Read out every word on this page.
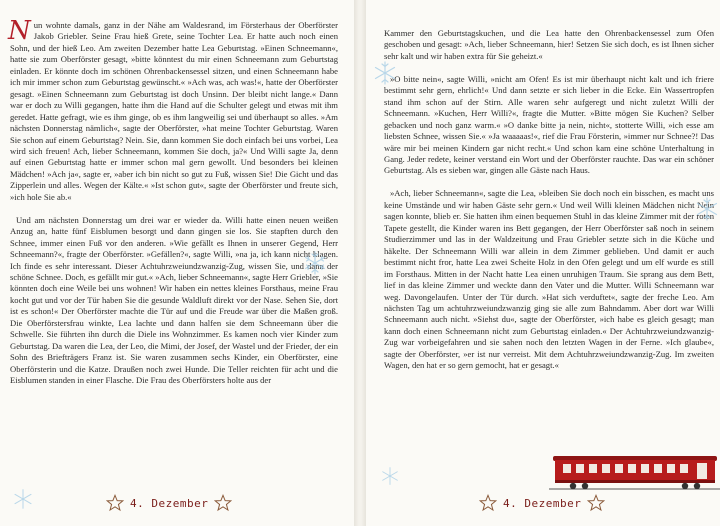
Nun wohnte damals, ganz in der Nähe am Waldesrand, im Försterhaus der Oberförster Jakob Griebler. Seine Frau hieß Grete, seine Tochter Lea. Er hatte auch noch einen Sohn, und der hieß Leo. Am zweiten Dezember hatte Lea Geburtstag. »Einen Schneemann«, hatte sie zum Oberförster gesagt, »bitte könntest du mir einen Schneemann zum Geburtstag einladen. Er könnte doch im schönen Ohrenbackensessel sitzen, und einen Schneemann habe ich mir immer schon zum Geburtstag gewünscht.« »Ach was, ach was!«, hatte der Oberförster gesagt. »Einen Schneemann zum Geburtstag ist doch Unsinn. Der bleibt nicht lange.« Dann war er doch zu Willi gegangen, hatte ihm die Hand auf die Schulter gelegt und etwas mit ihm geredet. Hatte gefragt, wie es ihm ginge, ob es ihm langweilig sei und überhaupt so alles. »Am nächsten Donnerstag nämlich«, sagte der Oberförster, »hat meine Tochter Geburtstag. Waren Sie schon auf einem Geburtstag? Nein. Sie, dann kommen Sie doch einfach bei uns vorbei, Lea wird sich freuen! Ach, lieber Schneemann, kommen Sie doch, ja?« Und Willi sagte Ja, denn auf einen Geburtstag hatte er immer schon mal gern gewollt. Und besonders bei kleinen Mädchen! »Ach ja«, sagte er, »aber ich bin nicht so gut zu Fuß, wissen Sie! Die Gicht und das Zipperlein und alles. Wegen der Kälte.« »Ist schon gut«, sagte der Oberförster und freute sich, »ich hole Sie ab.«

Und am nächsten Donnerstag um drei war er wieder da. Willi hatte einen neuen weißen Anzug an, hatte fünf Eisblumen besorgt und dann gingen sie los. Sie stapften durch den Schnee, immer einen Fuß vor den anderen. »Wie gefällt es Ihnen in unserer Gegend, Herr Schneemann?«, fragte der Oberförster. »Gefällen?«, sagte Willi, »na ja, ich kann nicht klagen. Ich finde es sehr interessant. Dieser Achtuhrzweiundzwanzig-Zug, wissen Sie, und dann der schöne Schnee. Doch, es gefällt mir gut.« »Ach, lieber Schneemann«, sagte Herr Griebler, »Sie könnten doch eine Weile bei uns wohnen! Wir haben ein nettes kleines Forsthaus, meine Frau kocht gut und vor der Tür haben Sie die gesunde Waldluft direkt vor der Nase. Sehen Sie, dort ist es schon!« Der Oberförster machte die Tür auf und die Freude war über die Maßen groß. Die Oberförstersfrau winkte, Lea lachte und dann halfen sie dem Schneemann über die Schwelle. Sie führten ihn durch die Diele ins Wohnzimmer. Es kamen noch vier Kinder zum Geburtstag. Da waren die Lea, der Leo, die Mimi, der Josef, der Wastel und der Frieder, der ein Sohn des Briefträgers Franz ist. Sie waren zusammen sechs Kinder, ein Oberförster, eine Oberförsterin und die Katze. Draußen noch zwei Hunde. Die Teller reichten für acht und die Eisblumen standen in einer Flasche. Die Frau des Oberförsters holte aus der

4. Dezember

Kammer den Geburtstagskuchen, und die Lea hatte den Ohrenbackensessel zum Ofen geschoben und gesagt: »Ach, lieber Schneemann, hier! Setzen Sie sich doch, es ist Ihnen sicher sehr kalt und wir haben extra für Sie geheizt.«

»O bitte nein«, sagte Willi, »nicht am Ofen! Es ist mir überhaupt nicht kalt und ich friere bestimmt sehr gern, ehrlich!« Und dann setzte er sich lieber in die Ecke. Ein Wassertropfen stand ihm schon auf der Stirn. Alle waren sehr aufgeregt und nicht zuletzt Willi der Schneemann. »Kuchen, Herr Willi?«, fragte die Mutter. »Bitte mögen Sie Kuchen? Selber gebacken und noch ganz warm.« »O danke bitte ja nein, nicht«, stotterte Willi, »ich esse am liebsten Schnee, wissen Sie.« »Ja waaaaas!«, rief die Frau Försterin, »immer nur Schnee?! Das wäre mir bei meinen Kindern gar nicht recht.« Und schon kam eine schöne Unterhaltung in Gang. Jeder redete, keiner verstand ein Wort und der Oberförster rauchte. Das war ein schöner Geburtstag. Als es sieben war, gingen alle Gäste nach Haus.

»Ach, lieber Schneemann«, sagte die Lea, »bleiben Sie doch noch ein bisschen, es macht uns keine Umstände und wir haben Gäste sehr gern.« Und weil Willi kleinen Mädchen nicht Nein sagen konnte, blieb er. Sie hatten ihm einen bequemen Stuhl in das kleine Zimmer mit der roten Tapete gestellt, die Kinder waren ins Bett gegangen, der Herr Oberförster saß noch in seinem Studierzimmer und las in der Waldzeitung und Frau Griebler setzte sich in die Küche und häkelte. Der Schneemann Willi war allein in dem Zimmer geblieben. Und damit er auch bestimmt nicht fror, hatte Lea zwei Scheite Holz in den Ofen gelegt und um elf wurde es still im Forsthaus. Mitten in der Nacht hatte Lea einen unruhigen Traum. Sie sprang aus dem Bett, lief in das kleine Zimmer und weckte dann den Vater und die Mutter. Willi Schneemann war weg. Davongelaufen. Unter der Tür durch. »Hat sich verduftet«, sagte der freche Leo. Am nächsten Tag um achtuhrzweiundzwanzig ging sie alle zum Bahndamm. Aber dort war Willi Schneemann auch nicht. »Siehst du«, sagte der Oberförster, »ich habe es gleich gesagt; man kann doch einen Schneemann nicht zum Geburtstag einladen.« Der Achtuhrzweiundzwanzig-Zug war vorbeigefahren und sie sahen noch den letzten Wagen in der Ferne. »Ich glaube«, sagte der Oberförster, »er ist nur verreist. Mit dem Achtuhrzweiundzwanzig-Zug. Im zweiten Wagen, den hat er so gern gemocht, hat er gesagt.«

4. Dezember
